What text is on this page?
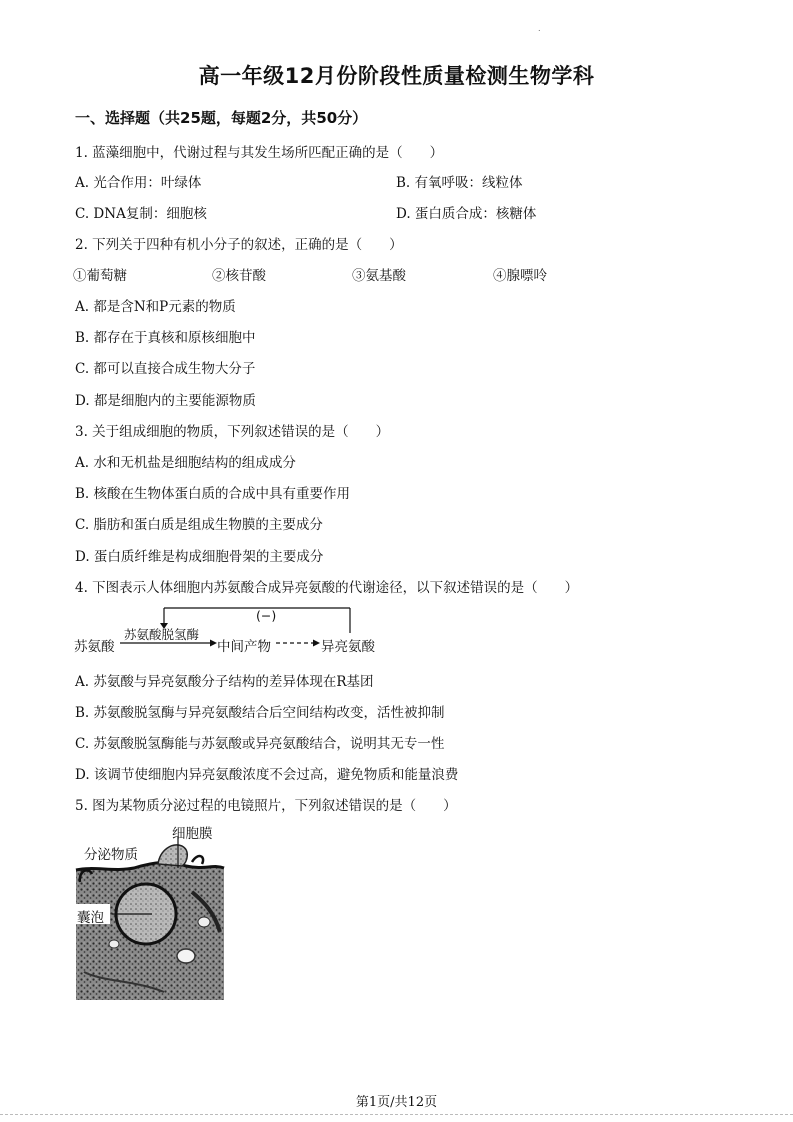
.
高一年级12月份阶段性质量检测生物学科
一、选择题（共25题，每题2分，共50分）
1. 蓝藻细胞中，代谢过程与其发生场所匹配正确的是（　　）
A. 光合作用：叶绿体	B. 有氧呼吸：线粒体
C. DNA复制：细胞核	D. 蛋白质合成：核糖体
2. 下列关于四种有机小分子的叙述，正确的是（　　）
①葡萄糖	②核苷酸	③氨基酸	④腺嘌呤
A. 都是含N和P元素的物质
B. 都存在于真核和原核细胞中
C. 都可以直接合成生物大分子
D. 都是细胞内的主要能源物质
3. 关于组成细胞的物质，下列叙述错误的是（　　）
A. 水和无机盐是细胞结构的组成成分
B. 核酸在生物体蛋白质的合成中具有重要作用
C. 脂肪和蛋白质是组成生物膜的主要成分
D. 蛋白质纤维是构成细胞骨架的主要成分
4. 下图表示人体细胞内苏氨酸合成异亮氨酸的代谢途径，以下叙述错误的是（　　）
(−)
苏氨酸
苏氨酸脱氢酶
中间产物	异亮氨酸
A. 苏氨酸与异亮氨酸分子结构的差异体现在R基团
B. 苏氨酸脱氢酶与异亮氨酸结合后空间结构改变，活性被抑制
C. 苏氨酸脱氢酶能与苏氨酸或异亮氨酸结合，说明其无专一性
D. 该调节使细胞内异亮氨酸浓度不会过高，避免物质和能量浪费
5. 图为某物质分泌过程的电镜照片，下列叙述错误的是（　　）
细胞膜
分泌物质
囊泡
第1页/共12页
